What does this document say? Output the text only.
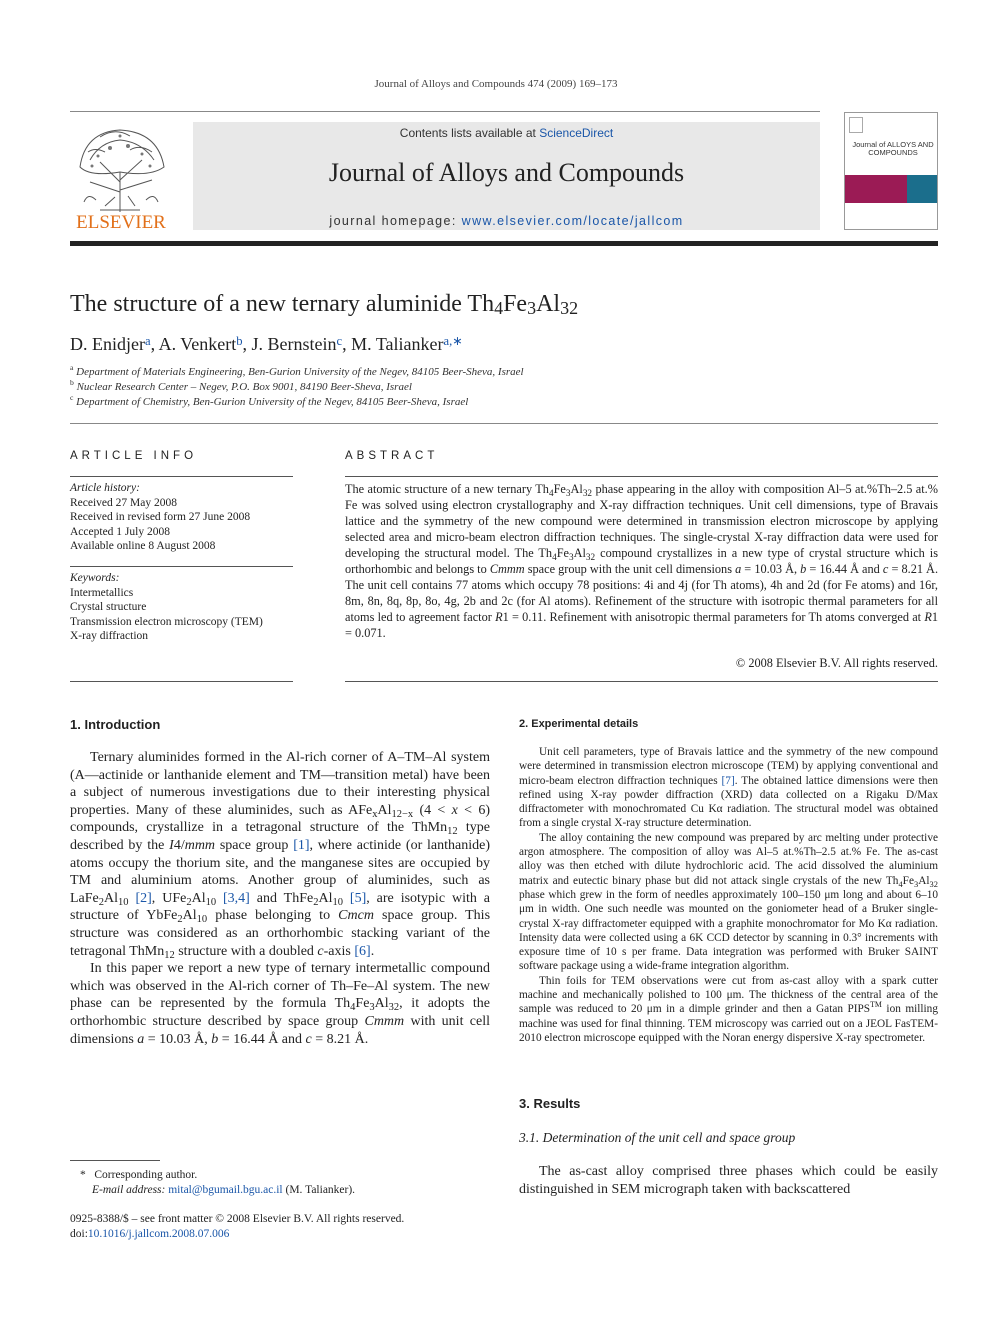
Journal of Alloys and Compounds 474 (2009) 169–173
ELSEVIER
Contents lists available at ScienceDirect
Journal of Alloys and Compounds
journal homepage: www.elsevier.com/locate/jallcom
Journal of ALLOYS AND COMPOUNDS
The structure of a new ternary aluminide Th4Fe3Al32
D. Enidjer$^a$, A. Venkert$^b$, J. Bernstein$^c$, M. Talianker$^{a,∗}$
$^a$ Department of Materials Engineering, Ben-Gurion University of the Negev, 84105 Beer-Sheva, Israel
$^b$ Nuclear Research Center – Negev, P.O. Box 9001, 84190 Beer-Sheva, Israel
$^c$ Department of Chemistry, Ben-Gurion University of the Negev, 84105 Beer-Sheva, Israel
ARTICLE INFO
Article history:
Received 27 May 2008
Received in revised form 27 June 2008
Accepted 1 July 2008
Available online 8 August 2008
Keywords:
Intermetallics
Crystal structure
Transmission electron microscopy (TEM)
X-ray diffraction
ABSTRACT
The atomic structure of a new ternary $Th_4Fe_3Al_{32}$ phase appearing in the alloy with composition Al–5 at.%Th–2.5 at.% Fe was solved using electron crystallography and X-ray diffraction techniques. Unit cell dimensions, type of Bravais lattice and the symmetry of the new compound were determined in transmission electron microscope by applying selected area and micro-beam electron diffraction techniques. The single-crystal X-ray diffraction data were used for developing the structural model. The $Th_4Fe_3Al_{32}$ compound crystallizes in a new type of crystal structure which is orthorhombic and belongs to Cmmm space group with the unit cell dimensions a = 10.03 Å, b = 16.44 Å and c = 8.21 Å. The unit cell contains 77 atoms which occupy 78 positions: 4i and 4j (for Th atoms), 4h and 2d (for Fe atoms) and 16r, 8m, 8n, 8q, 8p, 8o, 4g, 2b and 2c (for Al atoms). Refinement of the structure with isotropic thermal parameters for all atoms led to agreement factor R1 = 0.11. Refinement with anisotropic thermal parameters for Th atoms converged at R1 = 0.071.
© 2008 Elsevier B.V. All rights reserved.
1. Introduction

Ternary aluminides formed in the Al-rich corner of A–TM–Al system (A—actinide or lanthanide element and TM—transition metal) have been a subject of numerous investigations due to their interesting physical properties. Many of these aluminides, such as $AFe_xAl_{12-x}$ (4 < x < 6) compounds, crystallize in a tetragonal structure of the ThMn$_{12}$ type described by the I4/mmm space group [1], where actinide (or lanthanide) atoms occupy the thorium site, and the manganese sites are occupied by TM and aluminium atoms. Another group of aluminides, such as $LaFe_2Al_{10}$ [2], $UFe_2Al_{10}$ [3,4] and $ThFe_2Al_{10}$ [5], are isotypic with a structure of $YbFe_2Al_{10}$ phase belonging to Cmcm space group. This structure was considered as an orthorhombic stacking variant of the tetragonal ThMn$_{12}$ structure with a doubled c-axis [6].

In this paper we report a new type of ternary intermetallic compound which was observed in the Al-rich corner of Th–Fe–Al system. The new phase can be represented by the formula $Th_4Fe_3Al_{32}$, it adopts the orthorhombic structure described by space group Cmmm with unit cell dimensions a = 10.03 Å, b = 16.44 Å and c = 8.21 Å.

*   Corresponding author.
E-mail address: mital@bgumail.bgu.ac.il (M. Talianker).
0925-8388/$ – see front matter © 2008 Elsevier B.V. All rights reserved.
doi:10.1016/j.jallcom.2008.07.006
2. Experimental details

Unit cell parameters, type of Bravais lattice and the symmetry of the new compound were determined in transmission electron microscope (TEM) by applying conventional and micro-beam electron diffraction techniques [7]. The obtained lattice dimensions were then refined using X-ray powder diffraction (XRD) data collected on a Rigaku D/Max diffractometer with monochromated Cu Kα radiation. The structural model was obtained from a single crystal X-ray structure determination.

The alloy containing the new compound was prepared by arc melting under protective argon atmosphere. The composition of alloy was Al–5 at.%Th–2.5 at.% Fe. The as-cast alloy was then etched with dilute hydrochloric acid. The acid dissolved the aluminium matrix and eutectic binary phase but did not attack single crystals of the new $Th_4Fe_3Al_{32}$ phase which grew in the form of needles approximately 100–150 μm long and about 6–10 μm in width. One such needle was mounted on the goniometer head of a Bruker single-crystal X-ray diffractometer equipped with a graphite monochromator for Mo Kα radiation. Intensity data were collected using a 6K CCD detector by scanning in 0.3° increments with exposure time of 10 s per frame. Data integration was performed with Bruker SAINT software package using a wide-frame integration algorithm.

Thin foils for TEM observations were cut from as-cast alloy with a spark cutter machine and mechanically polished to 100 μm. The thickness of the central area of the sample was reduced to 20 μm in a dimple grinder and then a Gatan PIPS™ ion milling machine was used for final thinning. TEM microscopy was carried out on a JEOL FasTEM-2010 electron microscope equipped with the Noran energy dispersive X-ray spectrometer.

3. Results
3.1. Determination of the unit cell and space group

The as-cast alloy comprised three phases which could be easily distinguished in SEM micrograph taken with backscattered
